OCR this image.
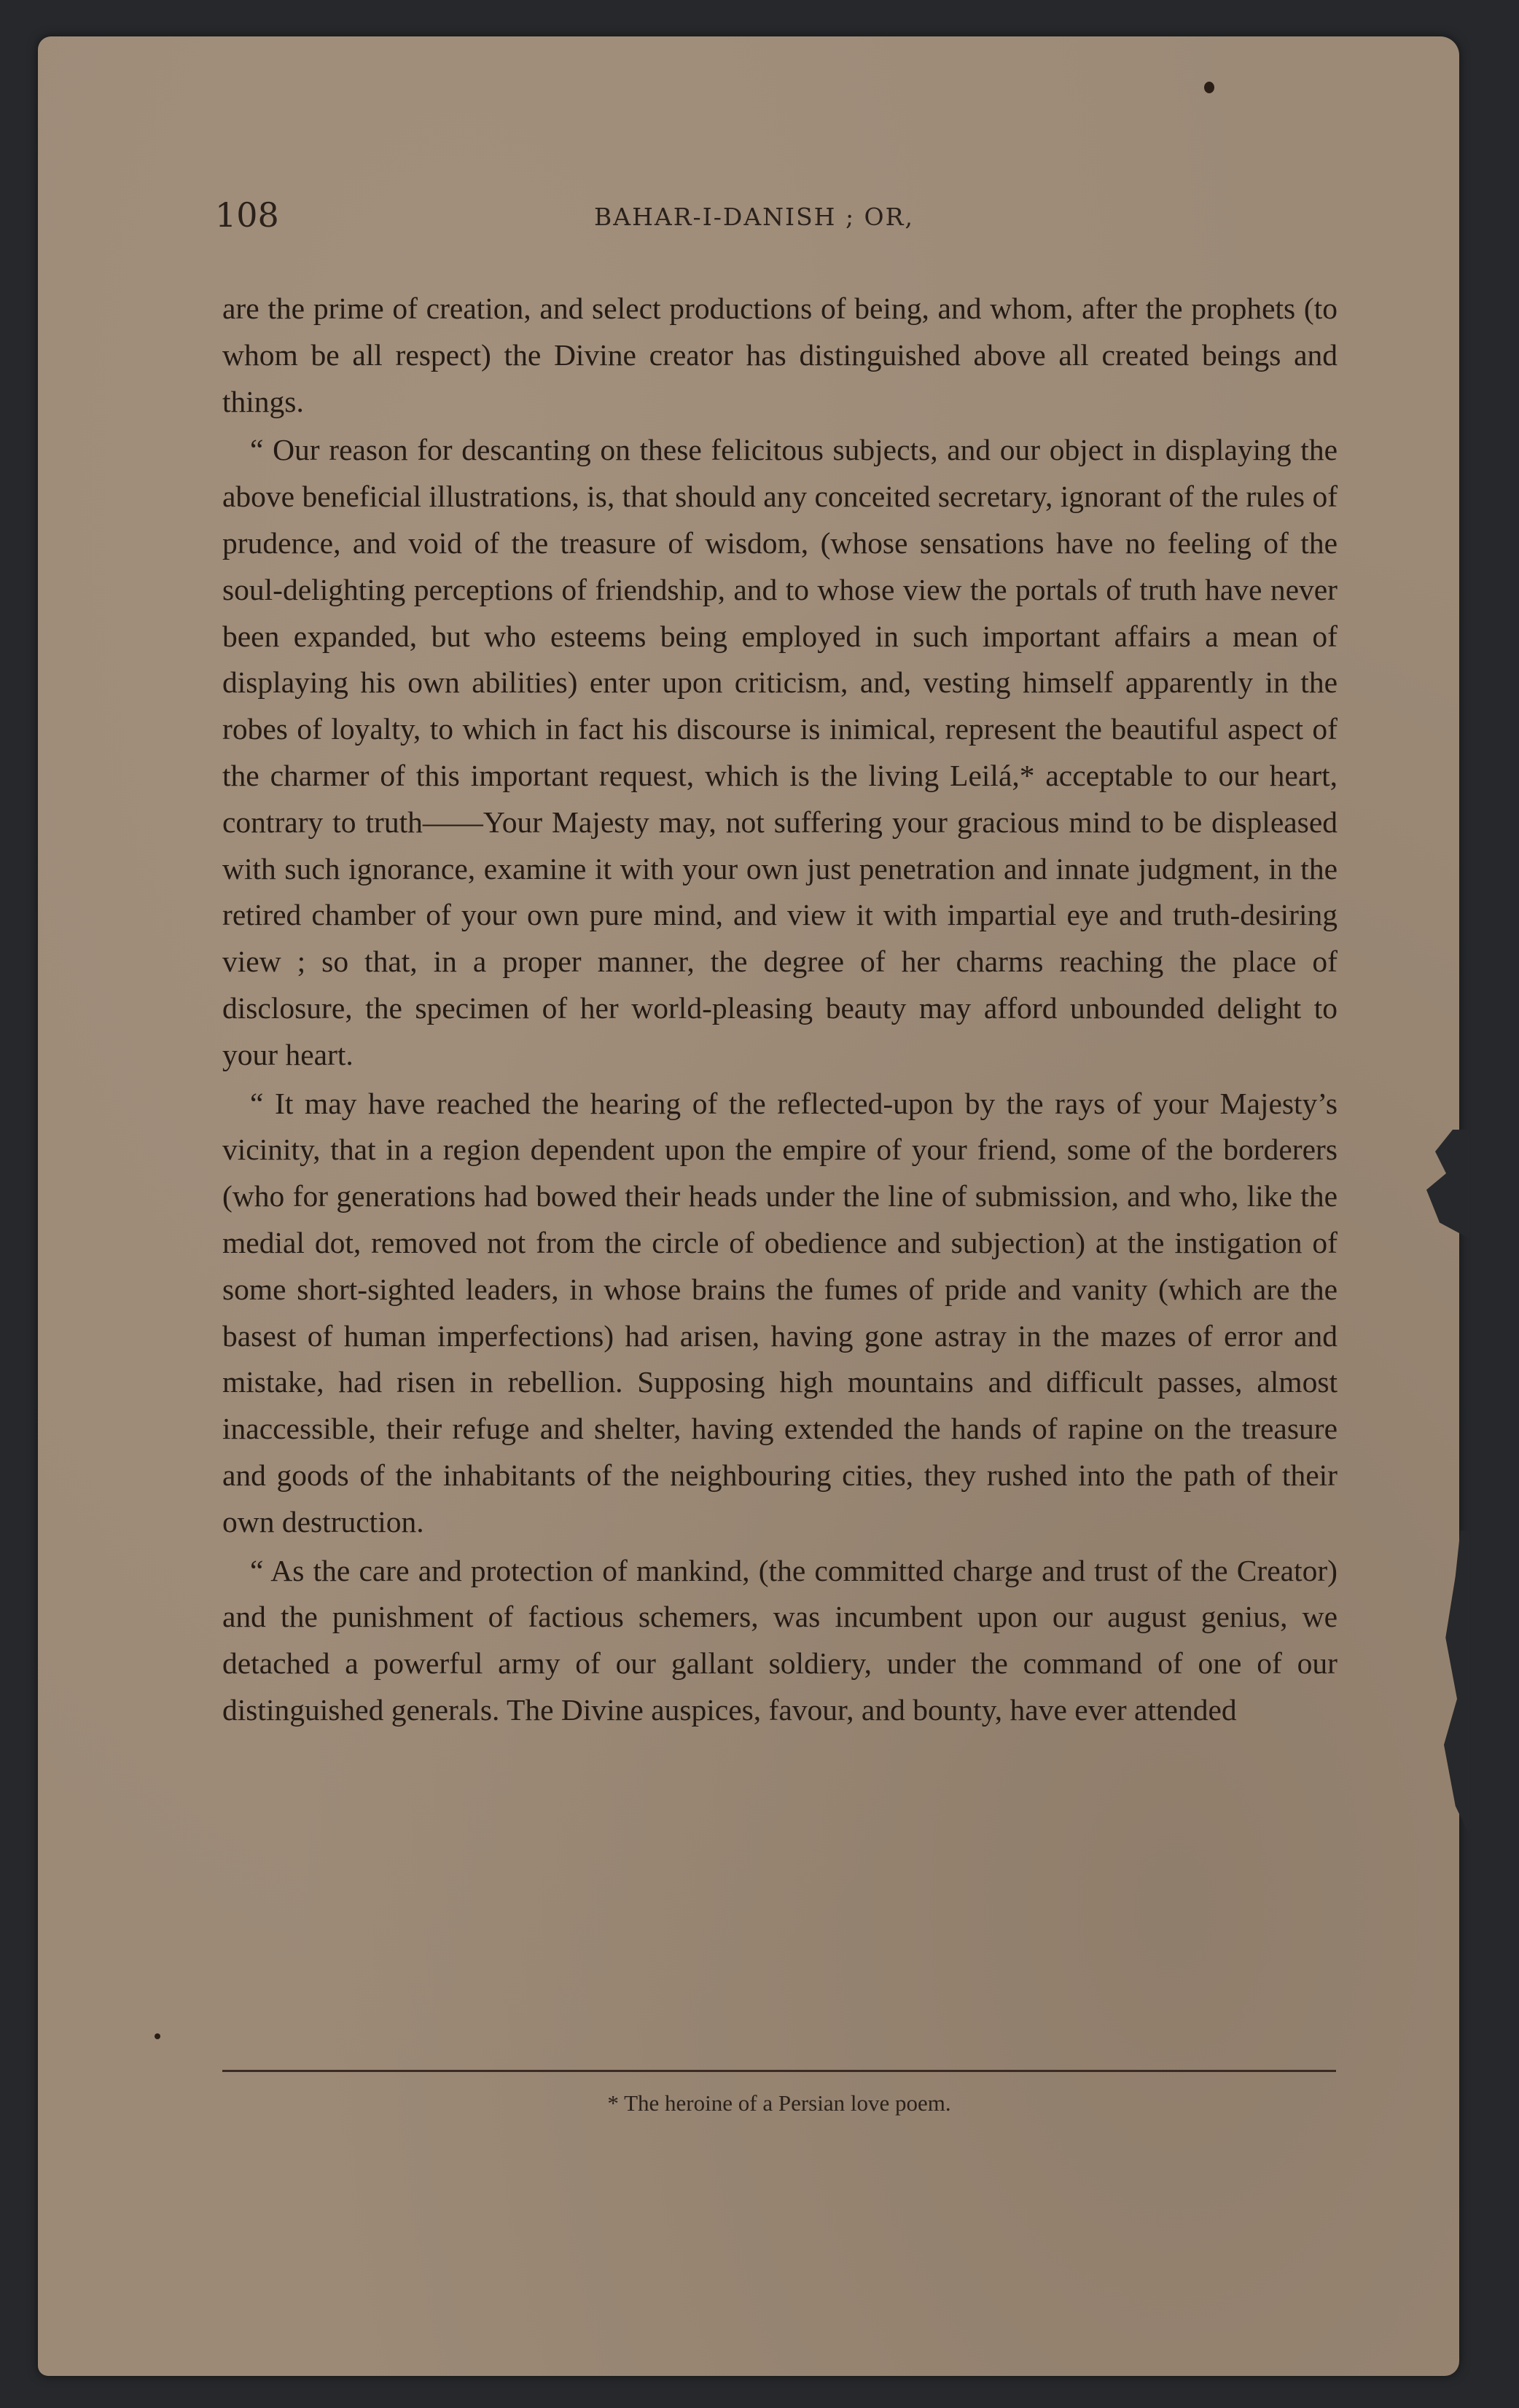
108	BAHAR-I-DANISH ; OR,

are the prime of creation, and select productions of being, and whom, after the prophets (to whom be all respect) the Divine creator has distinguished above all created beings and things.

“ Our reason for descanting on these felicitous subjects, and our object in displaying the above beneficial illustrations, is, that should any conceited secretary, ignorant of the rules of prudence, and void of the treasure of wisdom, (whose sensations have no feeling of the soul-delighting perceptions of friendship, and to whose view the portals of truth have never been expanded, but who esteems being employed in such important affairs a mean of displaying his own abilities) enter upon criticism, and, vesting himself apparently in the robes of loyalty, to which in fact his discourse is inimical, represent the beautiful aspect of the charmer of this important request, which is the living Leilá,* acceptable to our heart, contrary to truth——Your Majesty may, not suffering your gracious mind to be displeased with such ignorance, examine it with your own just penetration and innate judgment, in the retired chamber of your own pure mind, and view it with impartial eye and truth-desiring view ; so that, in a proper manner, the degree of her charms reaching the place of disclosure, the specimen of her world-pleasing beauty may afford unbounded delight to your heart.

“ It may have reached the hearing of the reflected-upon by the rays of your Majesty’s vicinity, that in a region dependent upon the empire of your friend, some of the borderers (who for generations had bowed their heads under the line of submission, and who, like the medial dot, removed not from the circle of obedience and subjection) at the instigation of some short-sighted leaders, in whose brains the fumes of pride and vanity (which are the basest of human imperfections) had arisen, having gone astray in the mazes of error and mistake, had risen in rebellion. Supposing high mountains and difficult passes, almost inaccessible, their refuge and shelter, having extended the hands of rapine on the treasure and goods of the inhabitants of the neighbouring cities, they rushed into the path of their own destruction.

“ As the care and protection of mankind, (the committed charge and trust of the Creator) and the punishment of factious schemers, was incumbent upon our august genius, we detached a powerful army of our gallant soldiery, under the command of one of our distinguished generals. The Divine auspices, favour, and bounty, have ever attended

* The heroine of a Persian love poem.
